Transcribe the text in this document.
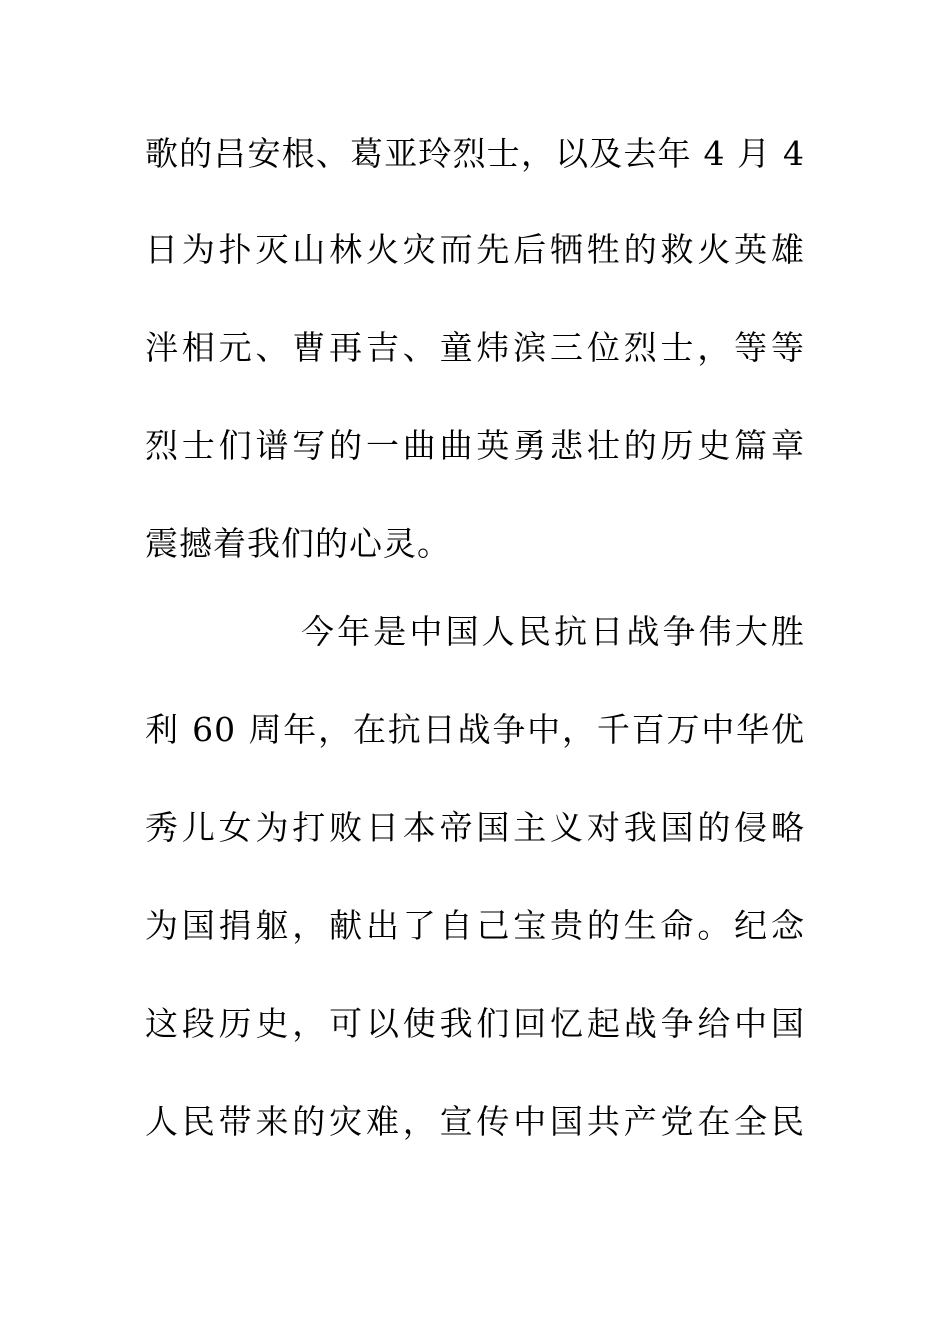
歌的吕安根、葛亚玲烈士，以及去年 4 月 4
日为扑灭山林火灾而先后牺牲的救火英雄
泮相元、曹再吉、童炜滨三位烈士，等等
烈士们谱写的一曲曲英勇悲壮的历史篇章
震撼着我们的心灵。
今年是中国人民抗日战争伟大胜
利 60 周年，在抗日战争中，千百万中华优
秀儿女为打败日本帝国主义对我国的侵略
为国捐躯，献出了自己宝贵的生命。纪念
这段历史，可以使我们回忆起战争给中国
人民带来的灾难，宣传中国共产党在全民
